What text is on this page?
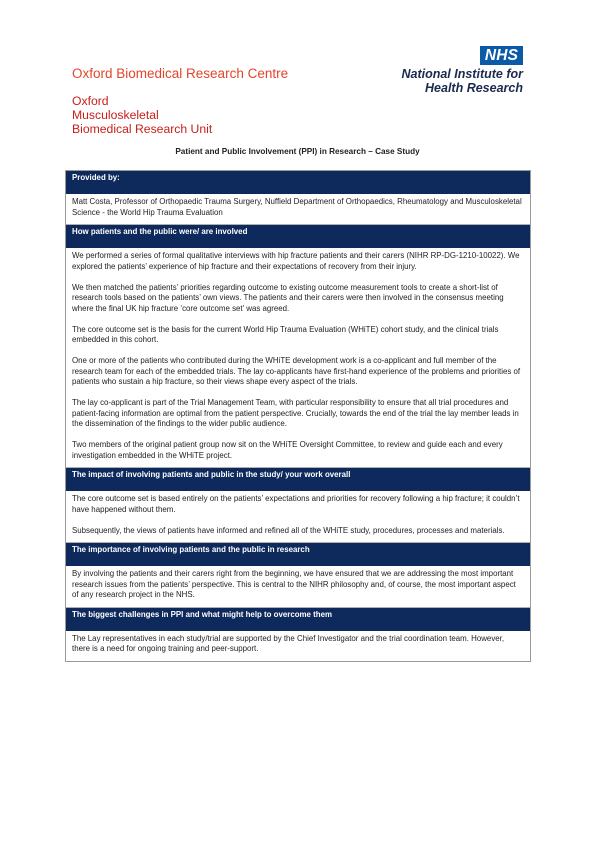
Oxford Biomedical Research Centre
Oxford
Musculoskeletal
Biomedical Research Unit
NHS
National Institute for
Health Research
Patient and Public Involvement (PPI) in Research – Case Study
Provided by:

Matt Costa, Professor of Orthopaedic Trauma Surgery, Nuffield Department of Orthopaedics, Rheumatology and Musculoskeletal Science - the World Hip Trauma Evaluation

How patients and the public were/ are involved

We performed a series of formal qualitative interviews with hip fracture patients and their carers (NIHR RP-DG-1210-10022). We explored the patients’ experience of hip fracture and their expectations of recovery from their injury.

We then matched the patients’ priorities regarding outcome to existing outcome measurement tools to create a short-list of research tools based on the patients’ own views. The patients and their carers were then involved in the consensus meeting where the final UK hip fracture ‘core outcome set’ was agreed.

The core outcome set is the basis for the current World Hip Trauma Evaluation (WHiTE) cohort study, and the clinical trials embedded in this cohort.

One or more of the patients who contributed during the WHiTE development work is a co-applicant and full member of the research team for each of the embedded trials. The lay co-applicants have first-hand experience of the problems and priorities of patients who sustain a hip fracture, so their views shape every aspect of the trials.

The lay co-applicant is part of the Trial Management Team, with particular responsibility to ensure that all trial procedures and patient-facing information are optimal from the patient perspective. Crucially, towards the end of the trial the lay member leads in the dissemination of the findings to the wider public audience.

Two members of the original patient group now sit on the WHiTE Oversight Committee, to review and guide each and every investigation embedded in the WHiTE project.

The impact of involving patients and public in the study/ your work overall

The core outcome set is based entirely on the patients’ expectations and priorities for recovery following a hip fracture; it couldn’t have happened without them.

Subsequently, the views of patients have informed and refined all of the WHiTE study, procedures, processes and materials.

The importance of involving patients and the public in research

By involving the patients and their carers right from the beginning, we have ensured that we are addressing the most important research issues from the patients’ perspective. This is central to the NIHR philosophy and, of course, the most important aspect of any research project in the NHS.

The biggest challenges in PPI and what might help to overcome them

The Lay representatives in each study/trial are supported by the Chief Investigator and the trial coordination team. However, there is a need for ongoing training and peer-support.
